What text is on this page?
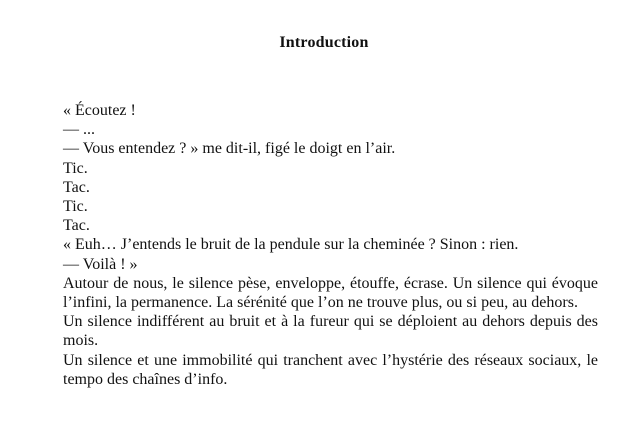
Introduction

« Écoutez !

— ...

— Vous entendez ? » me dit-il, figé le doigt en l’air.

Tic.

Tac.

Tic.

Tac.

« Euh… J’entends le bruit de la pendule sur la cheminée ? Sinon : rien.

— Voilà ! »

Autour de nous, le silence pèse, enveloppe, étouffe, écrase. Un silence qui évoque l’infini, la permanence. La sérénité que l’on ne trouve plus, ou si peu, au dehors.

Un silence indifférent au bruit et à la fureur qui se déploient au dehors depuis des mois.

Un silence et une immobilité qui tranchent avec l’hystérie des réseaux sociaux, le tempo des chaînes d’info.
